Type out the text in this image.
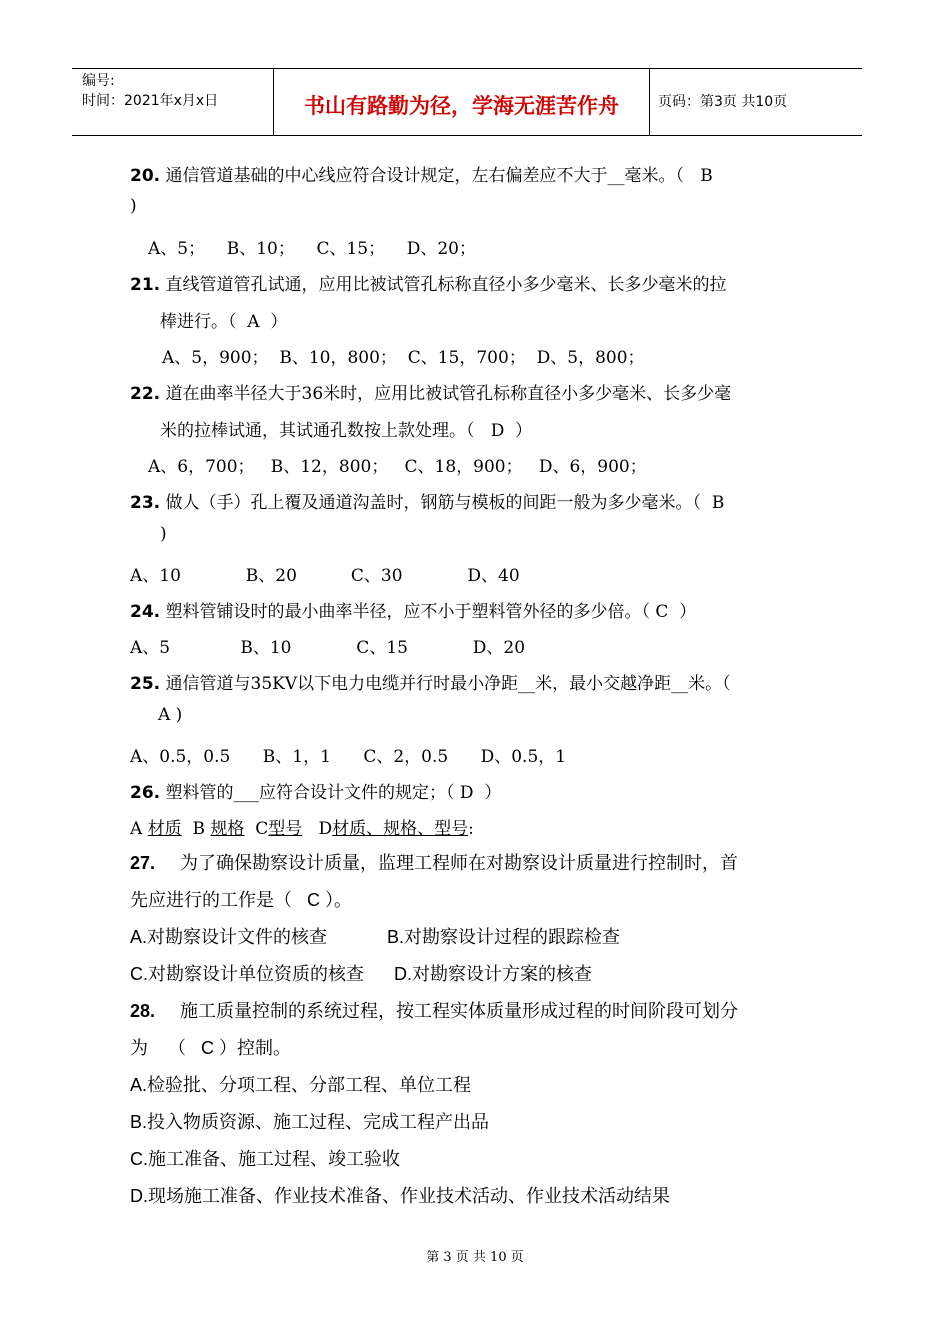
编号:
时间：2021年x月x日	书山有路勤为径，学海无涯苦作舟	页码：第3页 共10页
20. 通信管道基础的中心线应符合设计规定，左右偏差应不大于__毫米。（   B
)
A、5；    B、10；    C、15；    D、20；
21. 直线管道管孔试通，应用比被试管孔标称直径小多少毫米、长多少毫米的拉
棒进行。（  A  ）
A、5，900；  B、10，800；  C、15，700；  D、5，800；
22. 道在曲率半径大于36米时，应用比被试管孔标称直径小多少毫米、长多少毫
米的拉棒试通，其试通孔数按上款处理。（   D  ）
A、6，700；   B、12，800；   C、18，900；   D、6，900；
23. 做人（手）孔上覆及通道沟盖时，钢筋与模板的间距一般为多少毫米。（  B
)
A、10            B、20          C、30            D、40
24. 塑料管铺设时的最小曲率半径，应不小于塑料管外径的多少倍。（ C  ）
A、5             B、10            C、15            D、20
25. 通信管道与35KV以下电力电缆并行时最小净距__米，最小交越净距__米。（
A )
A、0.5，0.5      B、1，1      C、2，0.5      D、0.5，1
26. 塑料管的___应符合设计文件的规定；（ D  ）
A 材质  B 规格  C型号   D材质、规格、型号:
27.     为了确保勘察设计质量，监理工程师在对勘察设计质量进行控制时，首
先应进行的工作是（   C ）。
A.对勘察设计文件的核查            B.对勘察设计过程的跟踪检查
C.对勘察设计单位资质的核查      D.对勘察设计方案的核查
28.     施工质量控制的系统过程，按工程实体质量形成过程的时间阶段可划分
为    （   C ）控制。
A.检验批、分项工程、分部工程、单位工程
B.投入物质资源、施工过程、完成工程产出品
C.施工准备、施工过程、竣工验收
D.现场施工准备、作业技术准备、作业技术活动、作业技术活动结果
第 3 页 共 10 页
